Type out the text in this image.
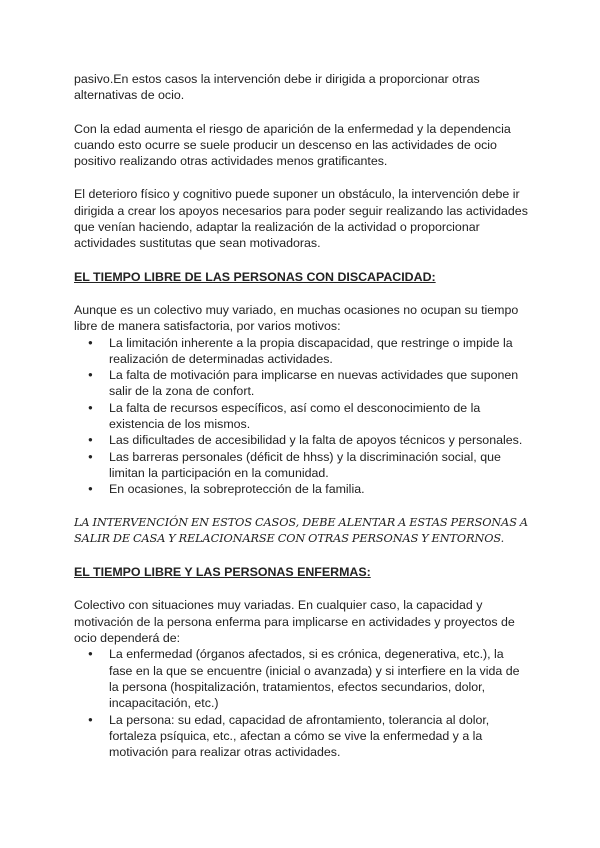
pasivo.En estos casos la intervención debe ir dirigida a proporcionar otras alternativas de ocio.

Con la edad aumenta el riesgo de aparición de la enfermedad y la dependencia cuando esto ocurre se suele producir un descenso en las actividades de ocio positivo realizando otras actividades menos gratificantes.

El deterioro físico y cognitivo puede suponer un obstáculo, la intervención debe ir dirigida a crear los apoyos necesarios para poder seguir realizando las actividades que venían haciendo, adaptar la realización de la actividad o proporcionar actividades sustitutas que sean motivadoras.

EL TIEMPO LIBRE DE LAS PERSONAS CON DISCAPACIDAD:

Aunque es un colectivo muy variado, en muchas ocasiones no ocupan su tiempo libre de manera satisfactoria, por varios motivos:

● La limitación inherente a la propia discapacidad, que restringe o impide la realización de determinadas actividades.
● La falta de motivación para implicarse en nuevas actividades que suponen salir de la zona de confort.
● La falta de recursos específicos, así como el desconocimiento de la existencia de los mismos.
● Las dificultades de accesibilidad y la falta de apoyos técnicos y personales.
● Las barreras personales (déficit de hhss) y la discriminación social, que limitan la participación en la comunidad.
● En ocasiones, la sobreprotección de la familia.

LA INTERVENCIÓN EN ESTOS CASOS, DEBE ALENTAR A ESTAS PERSONAS A SALIR DE CASA Y RELACIONARSE CON OTRAS PERSONAS Y ENTORNOS.

EL TIEMPO LIBRE Y LAS PERSONAS ENFERMAS:

Colectivo con situaciones muy variadas. En cualquier caso, la capacidad y motivación de la persona enferma para implicarse en actividades y proyectos de ocio dependerá de:

● La enfermedad (órganos afectados, si es crónica, degenerativa, etc.), la fase en la que se encuentre (inicial o avanzada) y si interfiere en la vida de la persona (hospitalización, tratamientos, efectos secundarios, dolor, incapacitación, etc.)
● La persona: su edad, capacidad de afrontamiento, tolerancia al dolor, fortaleza psíquica, etc., afectan a cómo se vive la enfermedad y a la motivación para realizar otras actividades.
